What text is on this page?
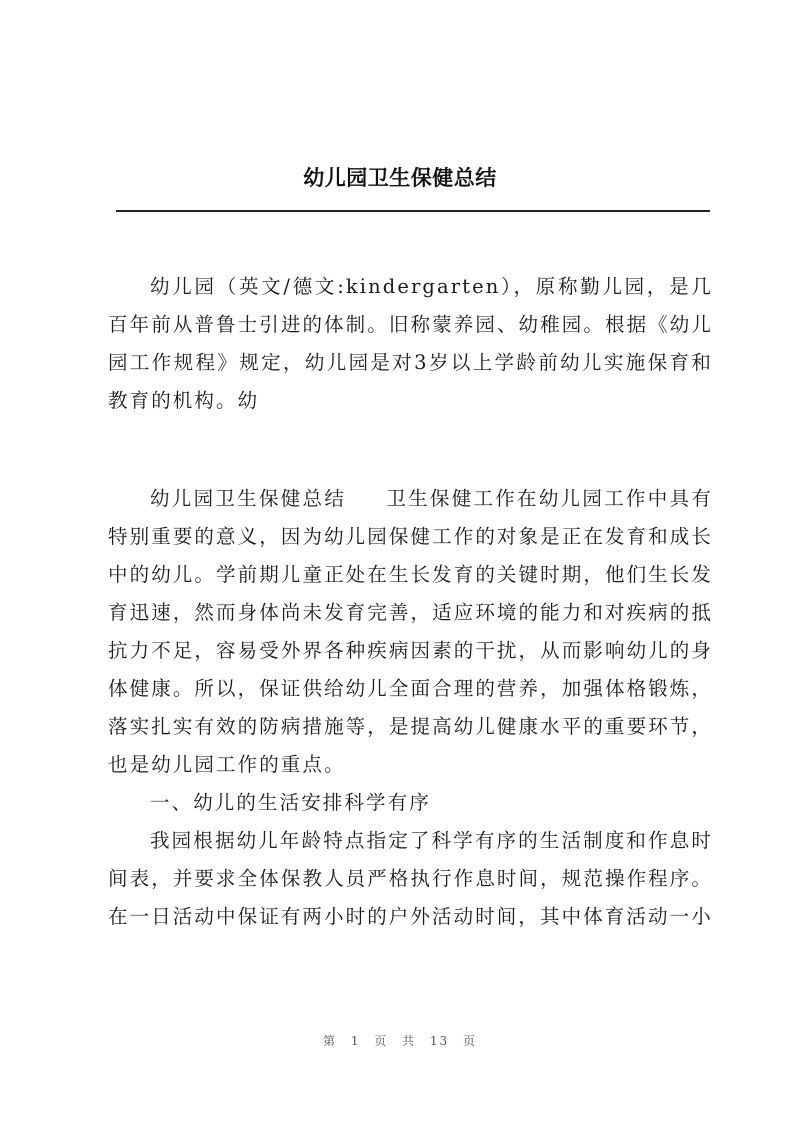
幼儿园卫生保健总结

幼儿园（英文/德文:kindergarten），原称勤儿园，是几百年前从普鲁士引进的体制。旧称蒙养园、幼稚园。根据《幼儿园工作规程》规定，幼儿园是对3岁以上学龄前幼儿实施保育和教育的机构。幼

幼儿园卫生保健总结 卫生保健工作在幼儿园工作中具有特别重要的意义，因为幼儿园保健工作的对象是正在发育和成长中的幼儿。学前期儿童正处在生长发育的关键时期，他们生长发育迅速，然而身体尚未发育完善，适应环境的能力和对疾病的抵抗力不足，容易受外界各种疾病因素的干扰，从而影响幼儿的身体健康。所以，保证供给幼儿全面合理的营养，加强体格锻炼，落实扎实有效的防病措施等，是提高幼儿健康水平的重要环节，也是幼儿园工作的重点。

一、幼儿的生活安排科学有序

我园根据幼儿年龄特点指定了科学有序的生活制度和作息时间表，并要求全体保教人员严格执行作息时间，规范操作程序。在一日活动中保证有两小时的户外活动时间，其中体育活动一小

第 1 页 共 13 页
